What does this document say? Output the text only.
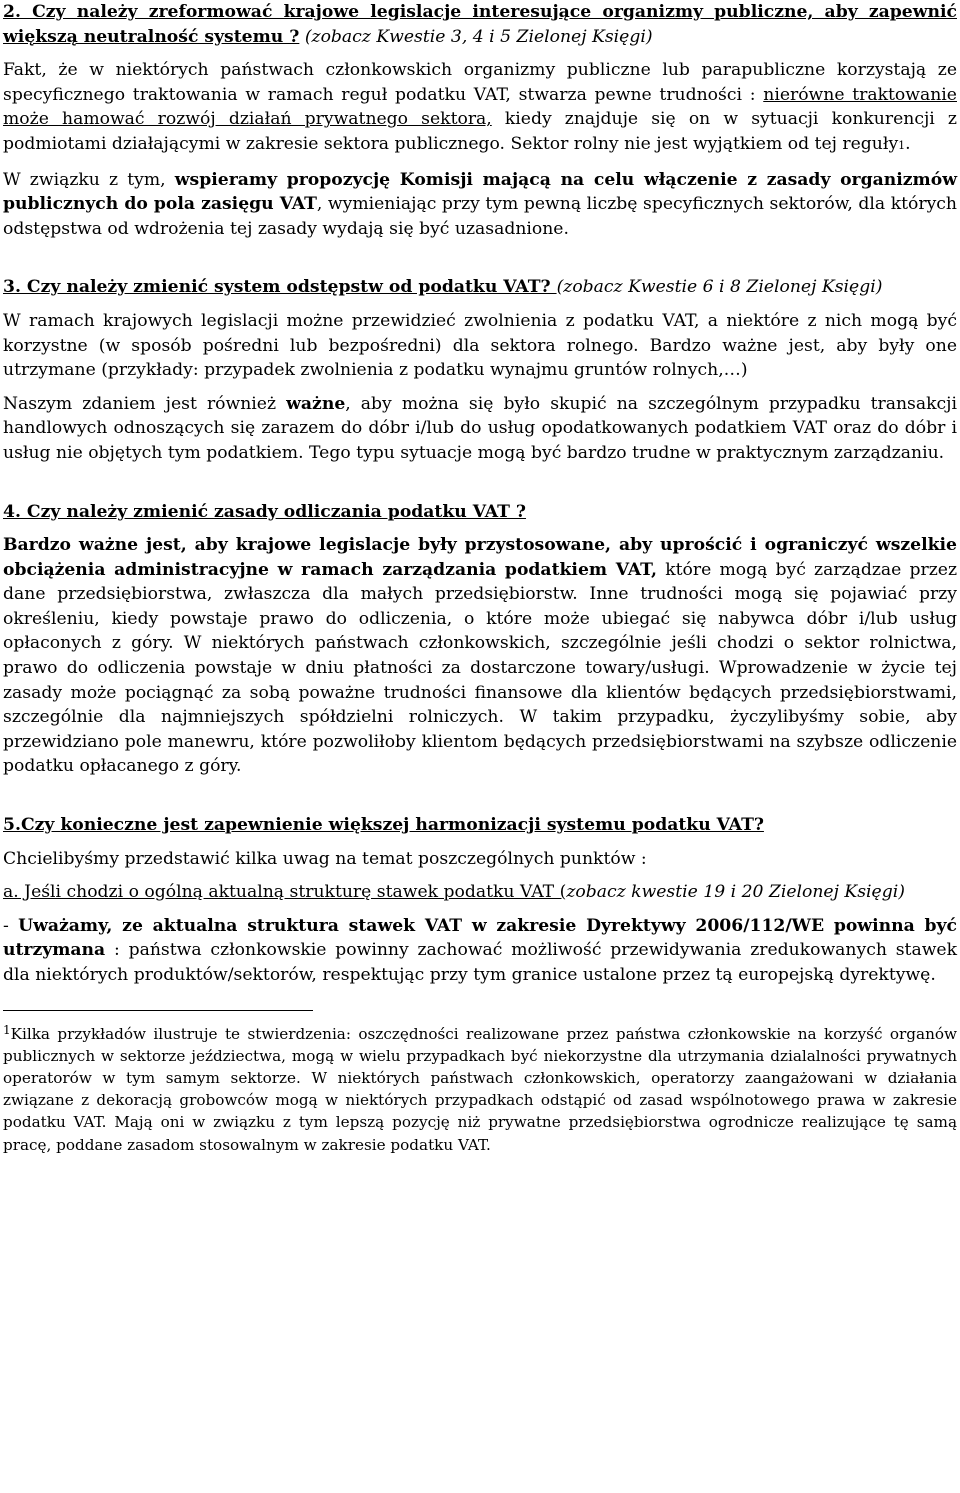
2. Czy należy zreformować krajowe legislacje interesujące organizmy publiczne, aby zapewnić większą neutralność systemu ? (zobacz Kwestie 3, 4 i 5 Zielonej Księgi)

Fakt, że w niektórych państwach członkowskich organizmy publiczne lub parapubliczne korzystają ze specyficznego traktowania w ramach reguł podatku VAT, stwarza pewne trudności : nierówne traktowanie może hamować rozwój działań prywatnego sektora, kiedy znajduje się on w sytuacji konkurencji z podmiotami działającymi w zakresie sektora publicznego. Sektor rolny nie jest wyjątkiem od tej reguły1.

W związku z tym, wspieramy propozycję Komisji mającą na celu włączenie z zasady organizmów publicznych do pola zasięgu VAT, wymieniając przy tym pewną liczbę specyficznych sektorów, dla których odstępstwa od wdrożenia tej zasady wydają się być uzasadnione.

3. Czy należy zmienić system odstępstw od podatku VAT? (zobacz Kwestie 6 i 8 Zielonej Księgi)

W ramach krajowych legislacji możne przewidzieć zwolnienia z podatku VAT, a niektóre z nich mogą być korzystne (w sposób pośredni lub bezpośredni) dla sektora rolnego. Bardzo ważne jest, aby były one utrzymane (przykłady: przypadek zwolnienia z podatku wynajmu gruntów rolnych,…)

Naszym zdaniem jest również ważne, aby można się było skupić na szczególnym przypadku transakcji handlowych odnoszących się zarazem do dóbr i/lub do usług opodatkowanych podatkiem VAT oraz do dóbr i usług nie objętych tym podatkiem. Tego typu sytuacje mogą być bardzo trudne w praktycznym zarządzaniu.

4. Czy należy zmienić zasady odliczania podatku VAT ?

Bardzo ważne jest, aby krajowe legislacje były przystosowane, aby uprościć i ograniczyć wszelkie obciążenia administracyjne w ramach zarządzania podatkiem VAT, które mogą być zarządzae przez dane przedsiębiorstwa, zwłaszcza dla małych przedsiębiorstw. Inne trudności mogą się pojawiać przy określeniu, kiedy powstaje prawo do odliczenia, o które może ubiegać się nabywca dóbr i/lub usług opłaconych z góry. W niektórych państwach członkowskich, szczególnie jeśli chodzi o sektor rolnictwa, prawo do odliczenia powstaje w dniu płatności za dostarczone towary/usługi. Wprowadzenie w życie tej zasady może pociągnąć za sobą poważne trudności finansowe dla klientów będących przedsiębiorstwami, szczególnie dla najmniejszych spółdzielni rolniczych. W takim przypadku, życzylibyśmy sobie, aby przewidziano pole manewru, które pozwoliłoby klientom będących przedsiębiorstwami na szybsze odliczenie podatku opłacanego z góry.

5.Czy konieczne jest zapewnienie większej harmonizacji systemu podatku VAT?

Chcielibyśmy przedstawić kilka uwag na temat poszczególnych punktów :

a. Jeśli chodzi o ogólną aktualną strukturę stawek podatku VAT (zobacz kwestie 19 i 20 Zielonej Księgi)

- Uważamy, ze aktualna struktura stawek VAT w zakresie Dyrektywy 2006/112/WE powinna być utrzymana : państwa członkowskie powinny zachować możliwość przewidywania zredukowanych stawek dla niektórych produktów/sektorów, respektując przy tym granice ustalone przez tą europejską dyrektywę.

$^1$Kilka przykładów ilustruje te stwierdzenia: oszczędności realizowane przez państwa członkowskie na korzyść organów publicznych w sektorze jeździectwa, mogą w wielu przypadkach być niekorzystne dla utrzymania dzialalności prywatnych operatorów w tym samym sektorze. W niektórych państwach członkowskich, operatorzy zaangażowani w działania związane z dekoracją grobowców mogą w niektórych przypadkach odstąpić od zasad wspólnotowego prawa w zakresie podatku VAT. Mają oni w związku z tym lepszą pozycję niż prywatne przedsiębiorstwa ogrodnicze realizujące tę samą pracę, poddane zasadom stosowalnym w zakresie podatku VAT.
